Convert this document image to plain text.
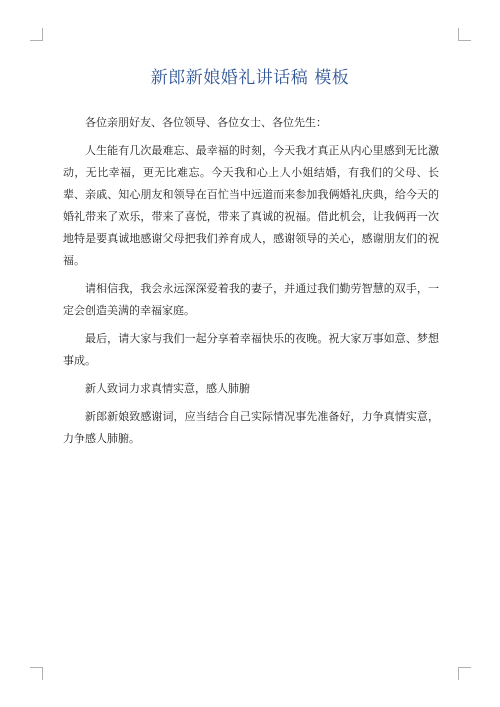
新郎新娘婚礼讲话稿 模板

各位亲朋好友、各位领导、各位女士、各位先生：

人生能有几次最难忘、最幸福的时刻，今天我才真正从内心里感到无比激动，无比幸福，更无比难忘。今天我和心上人小姐结婚，有我们的父母、长辈、亲戚、知心朋友和领导在百忙当中远道而来参加我俩婚礼庆典，给今天的婚礼带来了欢乐，带来了喜悦，带来了真诚的祝福。借此机会，让我俩再一次地特是要真诚地感谢父母把我们养育成人，感谢领导的关心，感谢朋友们的祝福。

请相信我，我会永远深深爱着我的妻子，并通过我们勤劳智慧的双手，一定会创造美满的幸福家庭。

最后，请大家与我们一起分享着幸福快乐的夜晚。祝大家万事如意、梦想事成。

新人致词力求真情实意，感人肺腑

新郎新娘致感谢词，应当结合自己实际情况事先准备好，力争真情实意，力争感人肺腑。
